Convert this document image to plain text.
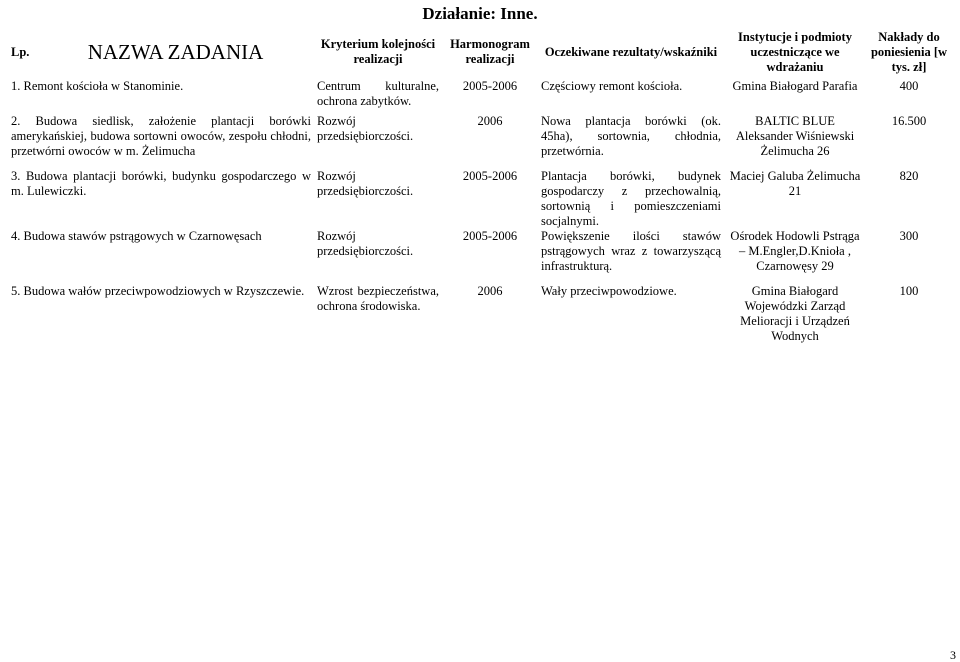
Działanie: Inne.
Lp.	NAZWA ZADANIA	Kryterium kolejności realizacji	Harmonogram realizacji	Oczekiwane rezultaty/wskaźniki	Instytucje i podmioty uczestniczące we wdrażaniu	Nakłady do poniesienia [w tys. zł]
1. Remont kościoła w Stanominie.		Centrum kulturalne, ochrona zabytków.	2005-2006	Częściowy remont kościoła.	Gmina Białogard Parafia	400
2. Budowa siedlisk, założenie plantacji borówki amerykańskiej, budowa sortowni owoców, zespołu chłodni, przetwórni owoców w m. Żelimucha		Rozwój przedsiębiorczości.	2006	Nowa plantacja borówki (ok. 45ha), sortownia, chłodnia, przetwórnia.	BALTIC BLUE Aleksander Wiśniewski Żelimucha 26	16.500
3. Budowa plantacji borówki, budynku gospodarczego w m. Lulewiczki.		Rozwój przedsiębiorczości.	2005-2006	Plantacja borówki, budynek gospodarczy z przechowalnią, sortownią i pomieszczeniami socjalnymi.	Maciej Galuba Żelimucha 21	820
4. Budowa stawów pstrągowych w Czarnowęsach		Rozwój przedsiębiorczości.	2005-2006	Powiększenie ilości stawów pstrągowych wraz z towarzyszącą infrastrukturą.	Ośrodek Hodowli Pstrąga – M.Engler,D.Knioła , Czarnowęsy 29	300
5. Budowa wałów przeciwpowodziowych w Rzyszczewie.		Wzrost bezpieczeństwa, ochrona środowiska.	2006	Wały przeciwpowodziowe.	Gmina Białogard Wojewódzki Zarząd Melioracji i Urządzeń Wodnych	100
3
